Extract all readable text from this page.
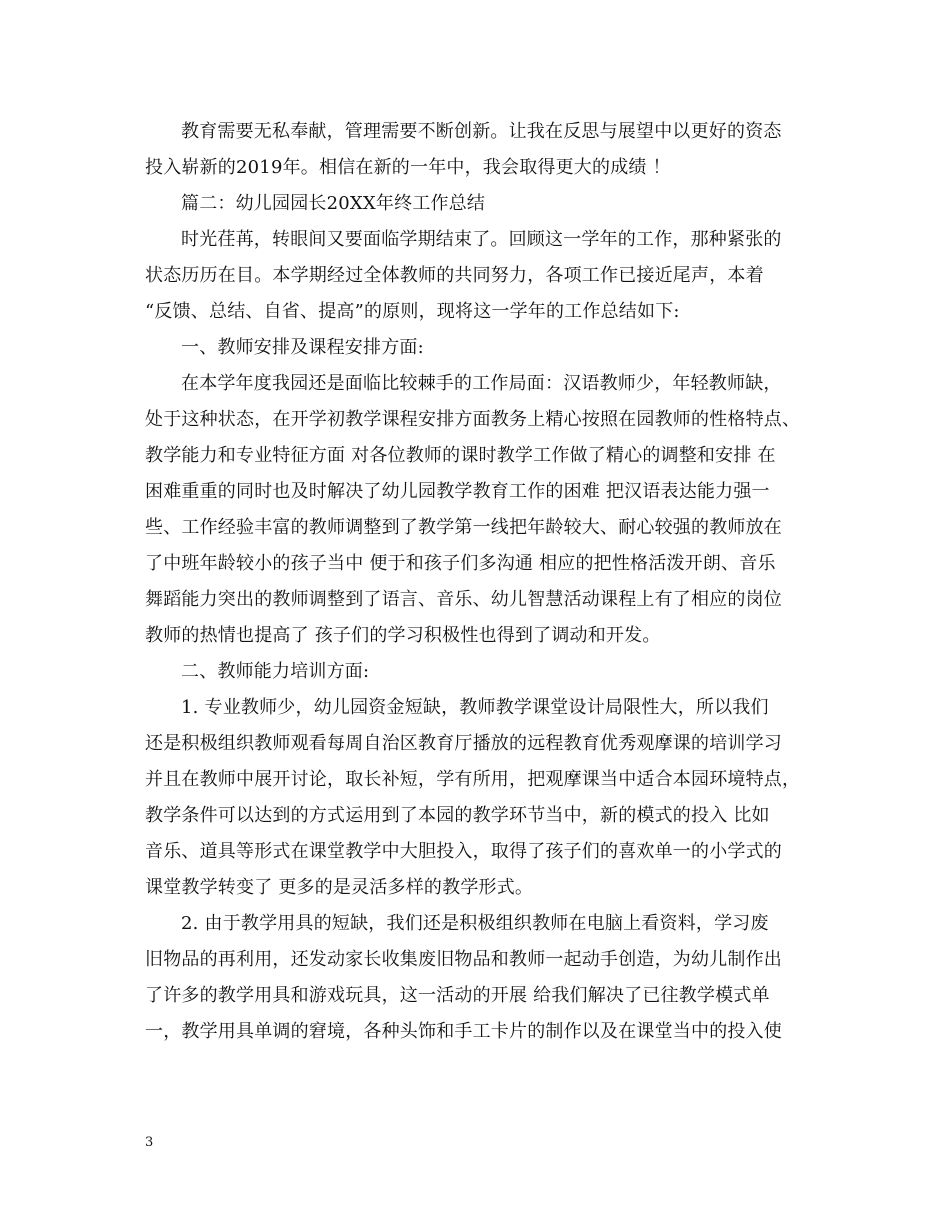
教育需要无私奉献，管理需要不断创新。让我在反思与展望中以更好的资态
投入崭新的2019年。相信在新的一年中，我会取得更大的成绩 ！
篇二：幼儿园园长20XX年终工作总结
时光荏苒，转眼间又要面临学期结束了。回顾这一学年的工作，那种紧张的
状态历历在目。本学期经过全体教师的共同努力，各项工作已接近尾声，本着
“反馈、总结、自省、提高”的原则，现将这一学年的工作总结如下:
一、教师安排及课程安排方面:
在本学年度我园还是面临比较棘手的工作局面：汉语教师少，年轻教师缺，
处于这种状态，在开学初教学课程安排方面教务上精心按照在园教师的性格特点、
教学能力和专业特征方面 对各位教师的课时教学工作做了精心的调整和安排 在
困难重重的同时也及时解决了幼儿园教学教育工作的困难 把汉语表达能力强一
些、工作经验丰富的教师调整到了教学第一线把年龄较大、耐心较强的教师放在
了中班年龄较小的孩子当中 便于和孩子们多沟通 相应的把性格活泼开朗、音乐
舞蹈能力突出的教师调整到了语言、音乐、幼儿智慧活动课程上有了相应的岗位
教师的热情也提高了 孩子们的学习积极性也得到了调动和开发。
二、教师能力培训方面:
1. 专业教师少，幼儿园资金短缺，教师教学课堂设计局限性大，所以我们
还是积极组织教师观看每周自治区教育厅播放的远程教育优秀观摩课的培训学习
并且在教师中展开讨论，取长补短，学有所用，把观摩课当中适合本园环境特点，
教学条件可以达到的方式运用到了本园的教学环节当中，新的模式的投入 比如
音乐、道具等形式在课堂教学中大胆投入，取得了孩子们的喜欢单一的小学式的
课堂教学转变了 更多的是灵活多样的教学形式。
2. 由于教学用具的短缺，我们还是积极组织教师在电脑上看资料，学习废
旧物品的再利用，还发动家长收集废旧物品和教师一起动手创造，为幼儿制作出
了许多的教学用具和游戏玩具，这一活动的开展 给我们解决了已往教学模式单
一，教学用具单调的窘境，各种头饰和手工卡片的制作以及在课堂当中的投入使
3
